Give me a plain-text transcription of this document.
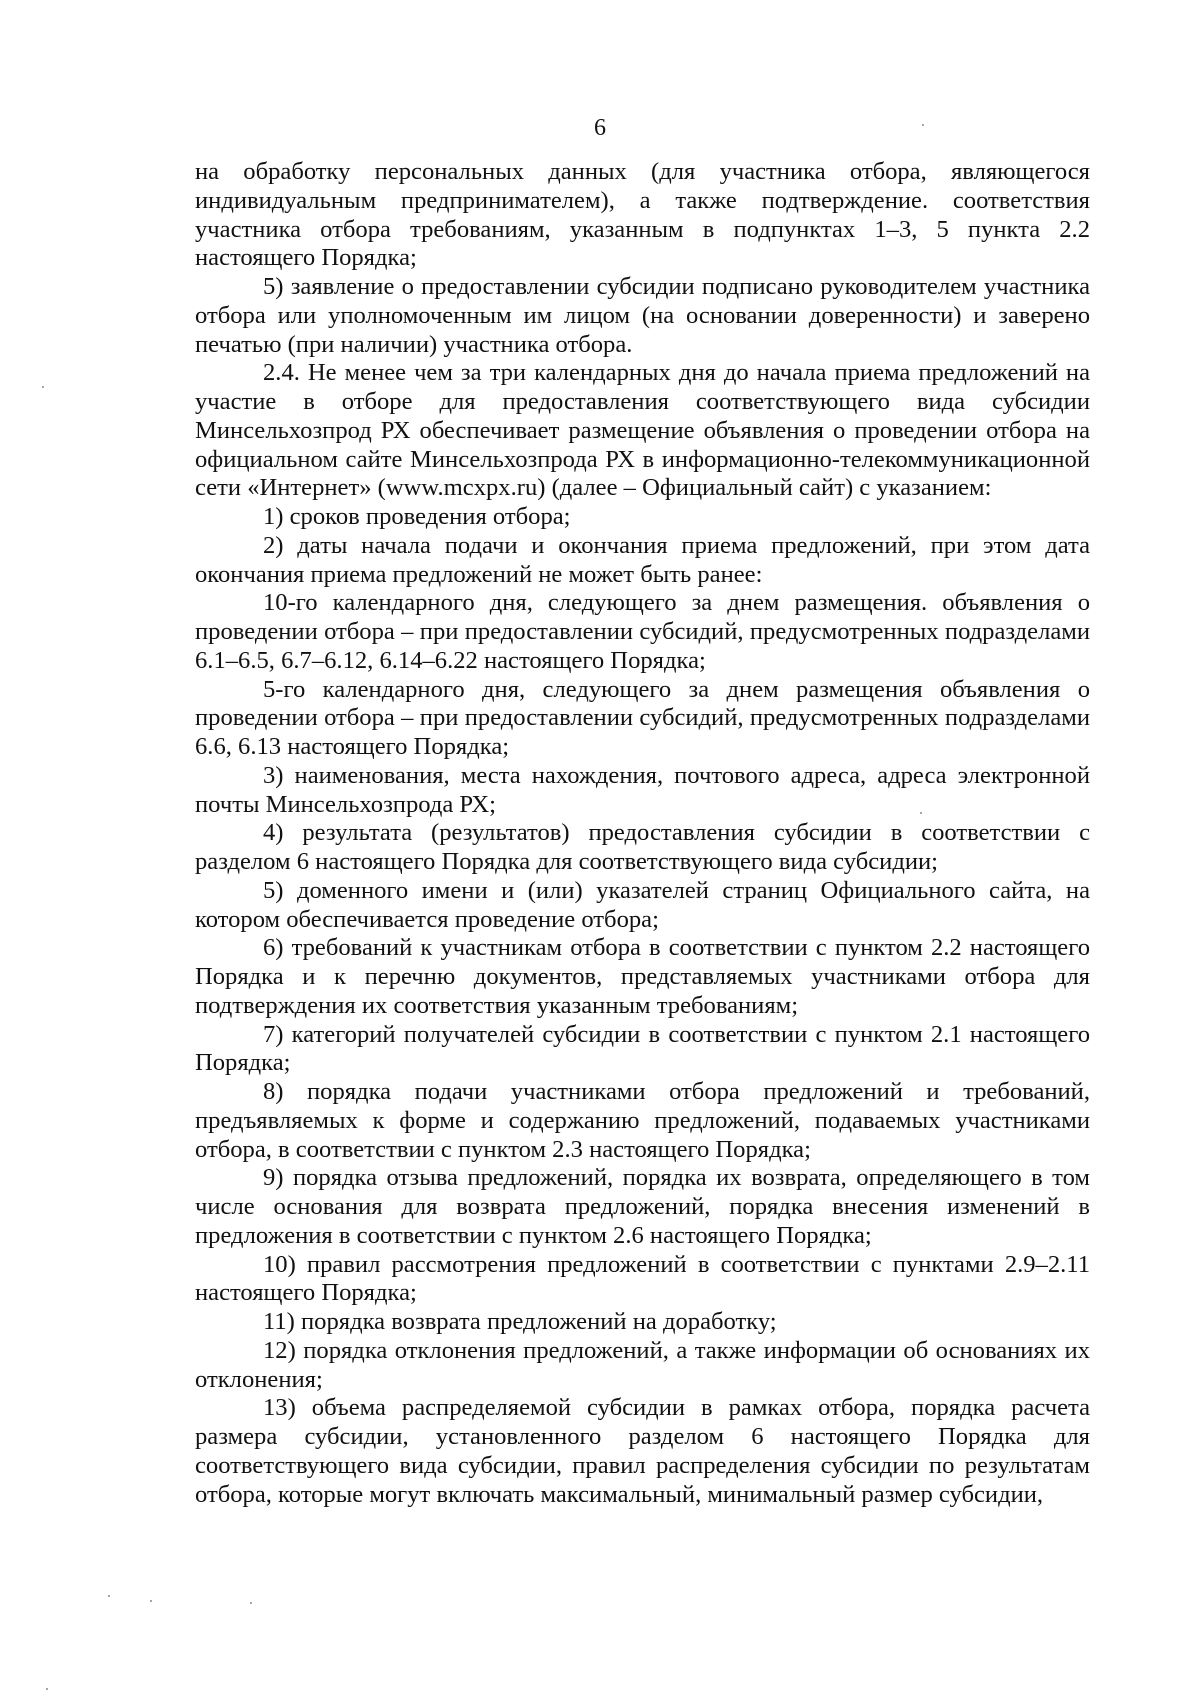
6

на обработку персональных данных (для участника отбора, являющегося индивидуальным предпринимателем), а также подтверждение. соответствия участника отбора требованиям, указанным в подпунктах 1–3, 5 пункта 2.2 настоящего Порядка;

5) заявление о предоставлении субсидии подписано руководителем участника отбора или уполномоченным им лицом (на основании доверенности) и заверено печатью (при наличии) участника отбора.

2.4. Не менее чем за три календарных дня до начала приема предложений на участие в отборе для предоставления соответствующего вида субсидии Минсельхозпрод РХ обеспечивает размещение объявления о проведении отбора на официальном сайте Минсельхозпрода РХ в информационно-телекоммуникационной сети «Интернет» (www.mcxpx.ru) (далее – Официальный сайт) с указанием:

1) сроков проведения отбора;

2) даты начала подачи и окончания приема предложений, при этом дата окончания приема предложений не может быть ранее:

10-го календарного дня, следующего за днем размещения. объявления о проведении отбора – при предоставлении субсидий, предусмотренных подразделами 6.1–6.5, 6.7–6.12, 6.14–6.22 настоящего Порядка;

5-го календарного дня, следующего за днем размещения объявления о проведении отбора – при предоставлении субсидий, предусмотренных подразделами 6.6, 6.13 настоящего Порядка;

3) наименования, места нахождения, почтового адреса, адреса электронной почты Минсельхозпрода РХ;

4) результата (результатов) предоставления субсидии в соответствии с разделом 6 настоящего Порядка для соответствующего вида субсидии;

5) доменного имени и (или) указателей страниц Официального сайта, на котором обеспечивается проведение отбора;

6) требований к участникам отбора в соответствии с пунктом 2.2 настоящего Порядка и к перечню документов, представляемых участниками отбора для подтверждения их соответствия указанным требованиям;

7) категорий получателей субсидии в соответствии с пунктом 2.1 настоящего Порядка;

8) порядка подачи участниками отбора предложений и требований, предъявляемых к форме и содержанию предложений, подаваемых участниками отбора, в соответствии с пунктом 2.3 настоящего Порядка;

9) порядка отзыва предложений, порядка их возврата, определяющего в том числе основания для возврата предложений, порядка внесения изменений в предложения в соответствии с пунктом 2.6 настоящего Порядка;

10) правил рассмотрения предложений в соответствии с пунктами 2.9–2.11 настоящего Порядка;

11) порядка возврата предложений на доработку;

12) порядка отклонения предложений, а также информации об основаниях их отклонения;

13) объема распределяемой субсидии в рамках отбора, порядка расчета размера субсидии, установленного разделом 6 настоящего Порядка для соответствующего вида субсидии, правил распределения субсидии по результатам отбора, которые могут включать максимальный, минимальный размер субсидии,
